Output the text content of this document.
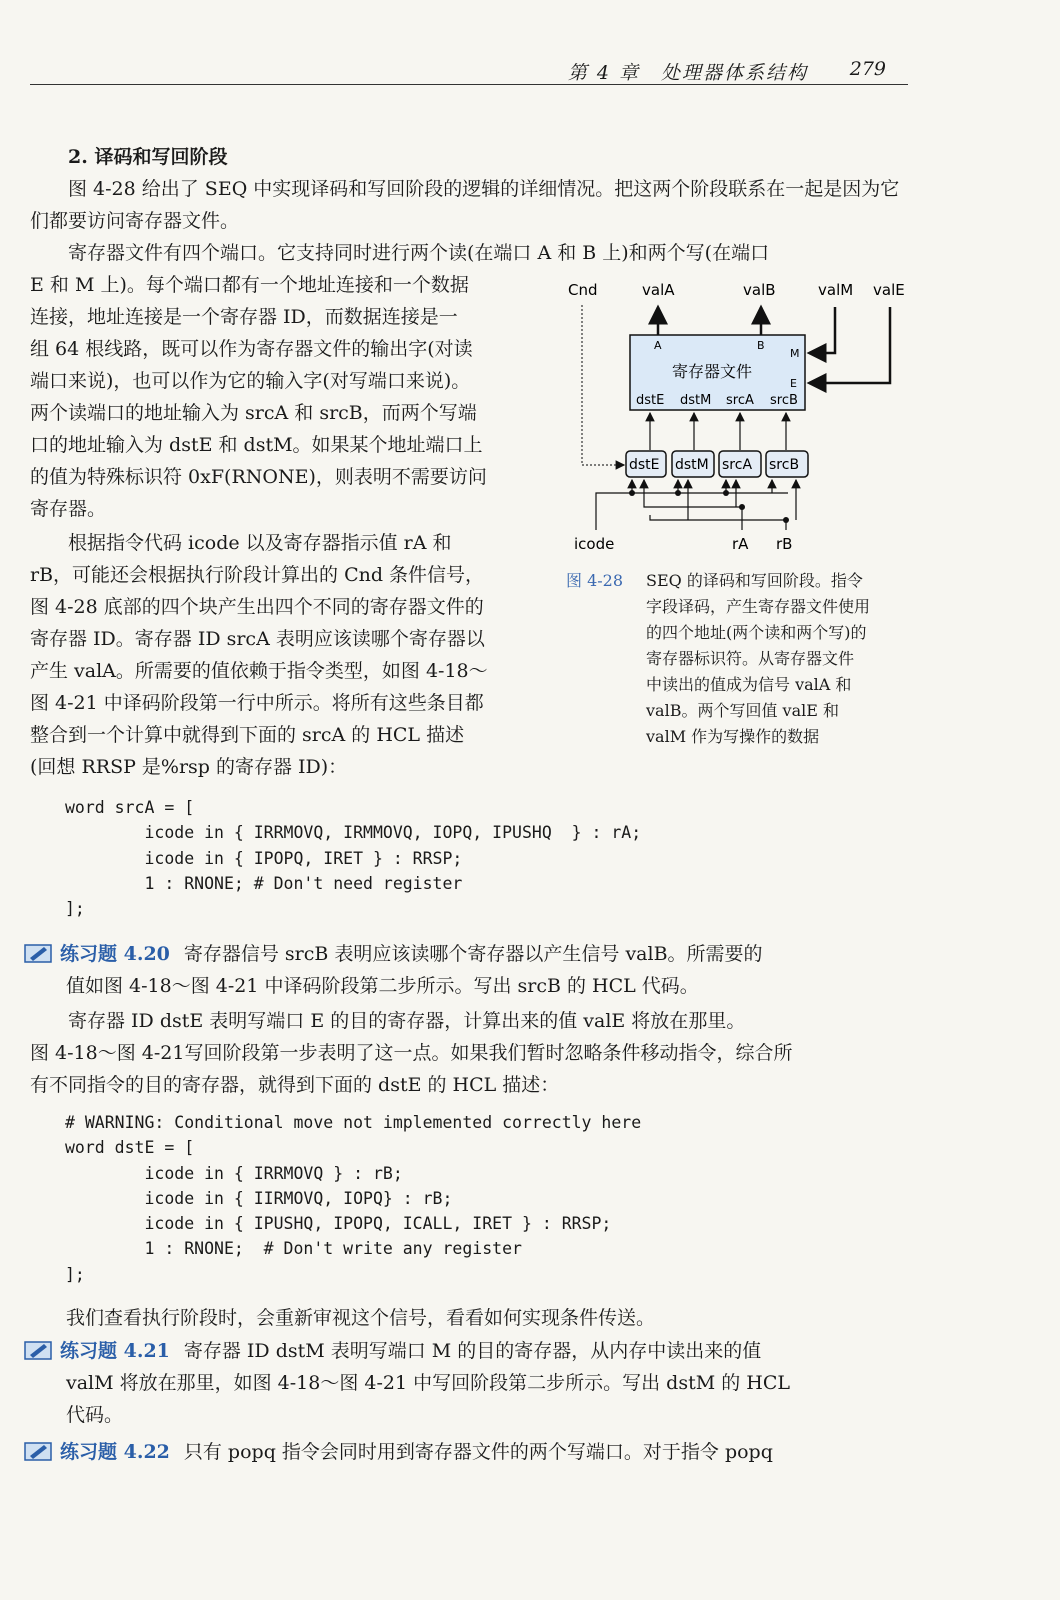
第 4 章　处理器体系结构 279
2. 译码和写回阶段

图 4-28 给出了 SEQ 中实现译码和写回阶段的逻辑的详细情况。把这两个阶段联系在一起是因为它们都要访问寄存器文件。

寄存器文件有四个端口。它支持同时进行两个读(在端口 A 和 B 上)和两个写(在端口
E 和 M 上)。每个端口都有一个地址连接和一个数据
连接，地址连接是一个寄存器 ID，而数据连接是一
组 64 根线路，既可以作为寄存器文件的输出字(对读
端口来说)，也可以作为它的输入字(对写端口来说)。
两个读端口的地址输入为 srcA 和 srcB，而两个写端
口的地址输入为 dstE 和 dstM。如果某个地址端口上
的值为特殊标识符 0xF(RNONE)，则表明不需要访问
寄存器。
根据指令代码 icode 以及寄存器指示值 rA 和
rB，可能还会根据执行阶段计算出的 Cnd 条件信号，
图 4-28 底部的四个块产生出四个不同的寄存器文件的
寄存器 ID。寄存器 ID srcA 表明应该读哪个寄存器以
产生 valA。所需要的值依赖于指令类型，如图 4-18～
图 4-21 中译码阶段第一行中所示。将所有这些条目都
整合到一个计算中就得到下面的 srcA 的 HCL 描述
(回想 RRSP 是%rsp 的寄存器 ID)：
Cnd	valA	valB	valM valE
A	B
M
E
寄存器文件
dstE dstM srcA srcB
dstE dstM srcA srcB
icode	rA rB
图 4-28 SEQ 的译码和写回阶段。指令
字段译码，产生寄存器文件使用
的四个地址(两个读和两个写)的
寄存器标识符。从寄存器文件
中读出的值成为信号 valA 和
valB。两个写回值 valE 和
valM 作为写操作的数据
word srcA = [
icode in { IRRMOVQ, IRMMOVQ, IOPQ, IPUSHQ  } : rA;
icode in { IPOPQ, IRET } : RRSP;
1 : RNONE; # Don't need register
];
练习题 4.20 寄存器信号 srcB 表明应该读哪个寄存器以产生信号 valB。所需要的
值如图 4-18～图 4-21 中译码阶段第二步所示。写出 srcB 的 HCL 代码。
寄存器 ID dstE 表明写端口 E 的目的寄存器，计算出来的值 valE 将放在那里。
图 4-18～图 4-21写回阶段第一步表明了这一点。如果我们暂时忽略条件移动指令，综合所
有不同指令的目的寄存器，就得到下面的 dstE 的 HCL 描述：
# WARNING: Conditional move not implemented correctly here
word dstE = [
icode in { IRRMOVQ } : rB;
icode in { IIRMOVQ, IOPQ} : rB;
icode in { IPUSHQ, IPOPQ, ICALL, IRET } : RRSP;
1 : RNONE;  # Don't write any register
];
我们查看执行阶段时，会重新审视这个信号，看看如何实现条件传送。
练习题 4.21 寄存器 ID dstM 表明写端口 M 的目的寄存器，从内存中读出来的值
valM 将放在那里，如图 4-18～图 4-21 中写回阶段第二步所示。写出 dstM 的 HCL
代码。
练习题 4.22 只有 popq 指令会同时用到寄存器文件的两个写端口。对于指令 popq
